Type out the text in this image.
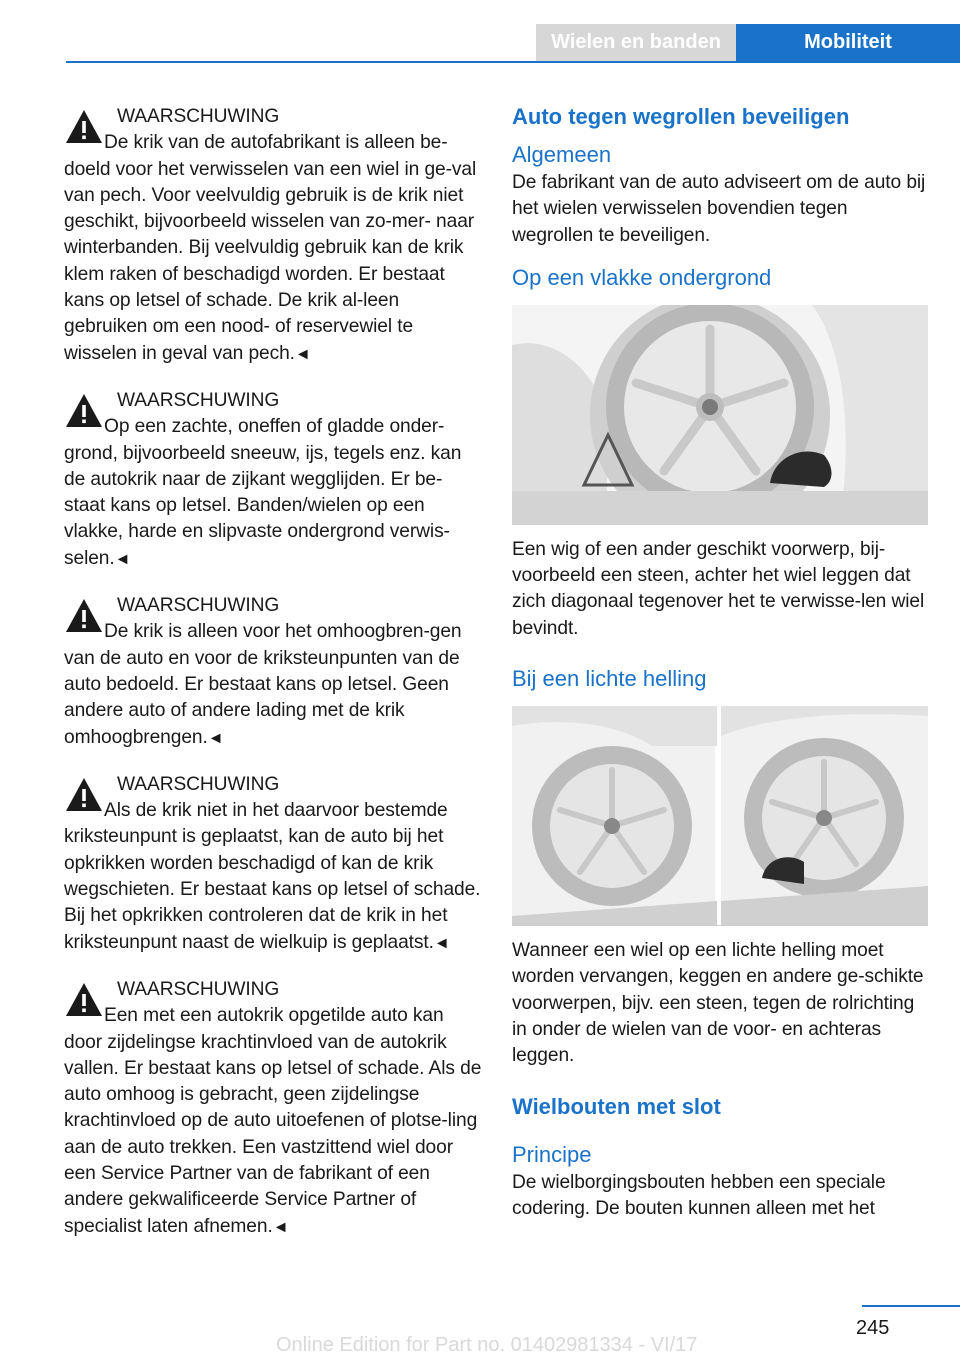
Wielen en banden	Mobiliteit
WAARSCHUWING
De krik van de autofabrikant is alleen be-doeld voor het verwisselen van een wiel in ge-val van pech. Voor veelvuldig gebruik is de krik niet geschikt, bijvoorbeeld wisselen van zo-mer- naar winterbanden. Bij veelvuldig gebruik kan de krik klem raken of beschadigd worden. Er bestaat kans op letsel of schade. De krik al-leen gebruiken om een nood- of reservewiel te wisselen in geval van pech.◄
WAARSCHUWING
Op een zachte, oneffen of gladde onder-grond, bijvoorbeeld sneeuw, ijs, tegels enz. kan de autokrik naar de zijkant wegglijden. Er be-staat kans op letsel. Banden/wielen op een vlakke, harde en slipvaste ondergrond verwis-selen.◄
WAARSCHUWING
De krik is alleen voor het omhoogbren-gen van de auto en voor de kriksteunpunten van de auto bedoeld. Er bestaat kans op letsel. Geen andere auto of andere lading met de krik omhoogbrengen.◄
WAARSCHUWING
Als de krik niet in het daarvoor bestemde kriksteunpunt is geplaatst, kan de auto bij het opkrikken worden beschadigd of kan de krik wegschieten. Er bestaat kans op letsel of schade. Bij het opkrikken controleren dat de krik in het kriksteunpunt naast de wielkuip is geplaatst.◄
WAARSCHUWING
Een met een autokrik opgetilde auto kan door zijdelingse krachtinvloed van de autokrik vallen. Er bestaat kans op letsel of schade. Als de auto omhoog is gebracht, geen zijdelingse krachtinvloed op de auto uitoefenen of plotse-ling aan de auto trekken. Een vastzittend wiel door een Service Partner van de fabrikant of een andere gekwalificeerde Service Partner of specialist laten afnemen.◄
Auto tegen wegrollen beveiligen
Algemeen
De fabrikant van de auto adviseert om de auto bij het wielen verwisselen bovendien tegen wegrollen te beveiligen.
Op een vlakke ondergrond
Een wig of een ander geschikt voorwerp, bij-voorbeeld een steen, achter het wiel leggen dat zich diagonaal tegenover het te verwisse-len wiel bevindt.
Bij een lichte helling
Wanneer een wiel op een lichte helling moet worden vervangen, keggen en andere ge-schikte voorwerpen, bijv. een steen, tegen de rolrichting in onder de wielen van de voor- en achteras leggen.
Wielbouten met slot
Principe
De wielborgingsbouten hebben een speciale codering. De bouten kunnen alleen met het
245
Online Edition for Part no. 01402981334 - VI/17
